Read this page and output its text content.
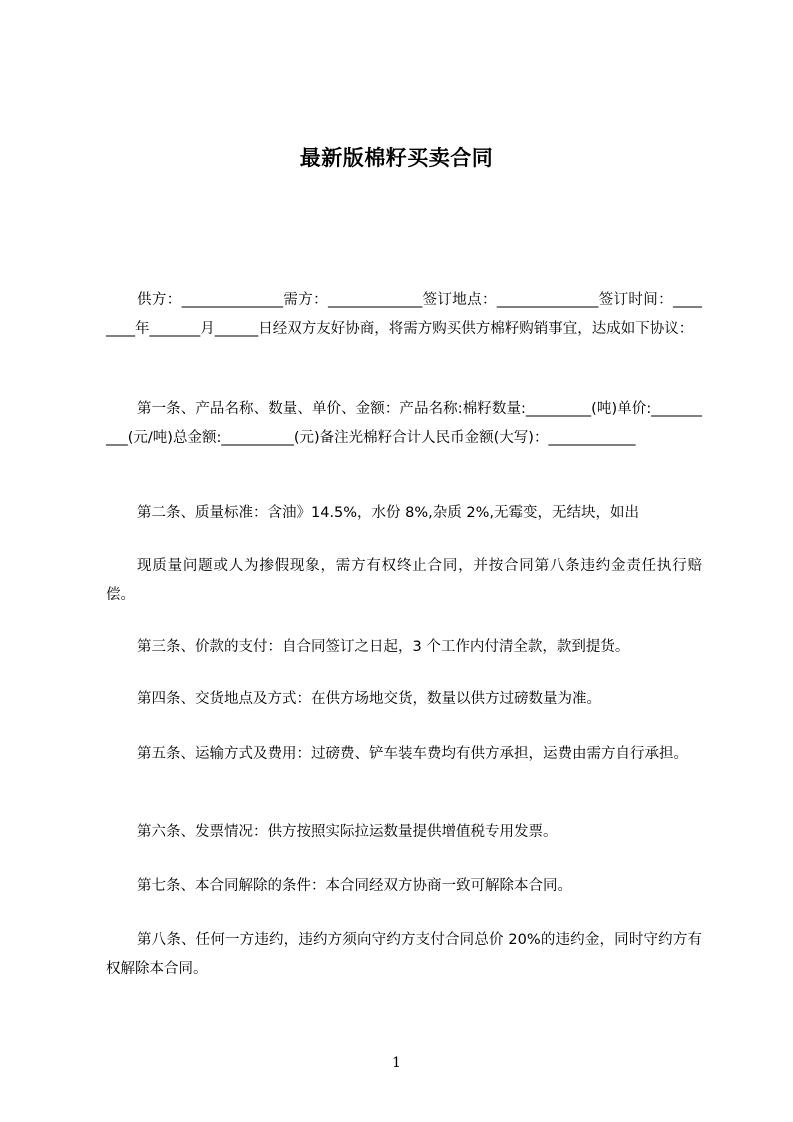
最新版棉籽买卖合同
供方：______________需方：_____________签订地点：______________签订时间：________年_______月______日经双方友好协商，将需方购买供方棉籽购销事宜，达成如下协议：
第一条、产品名称、数量、单价、金额：产品名称:棉籽数量:_________(吨)单价:__________(元/吨)总金额:__________(元)备注光棉籽合计人民币金额(大写)：____________
第二条、质量标准：含油》14.5%，水份 8%,杂质 2%,无霉变，无结块，如出
现质量问题或人为掺假现象，需方有权终止合同，并按合同第八条违约金责任执行赔偿。
第三条、价款的支付：自合同签订之日起，3 个工作内付清全款，款到提货。
第四条、交货地点及方式：在供方场地交货，数量以供方过磅数量为准。
第五条、运输方式及费用：过磅费、铲车装车费均有供方承担，运费由需方自行承担。
第六条、发票情况：供方按照实际拉运数量提供增值税专用发票。
第七条、本合同解除的条件：本合同经双方协商一致可解除本合同。
第八条、任何一方违约，违约方须向守约方支付合同总价 20%的违约金，同时守约方有权解除本合同。
1
